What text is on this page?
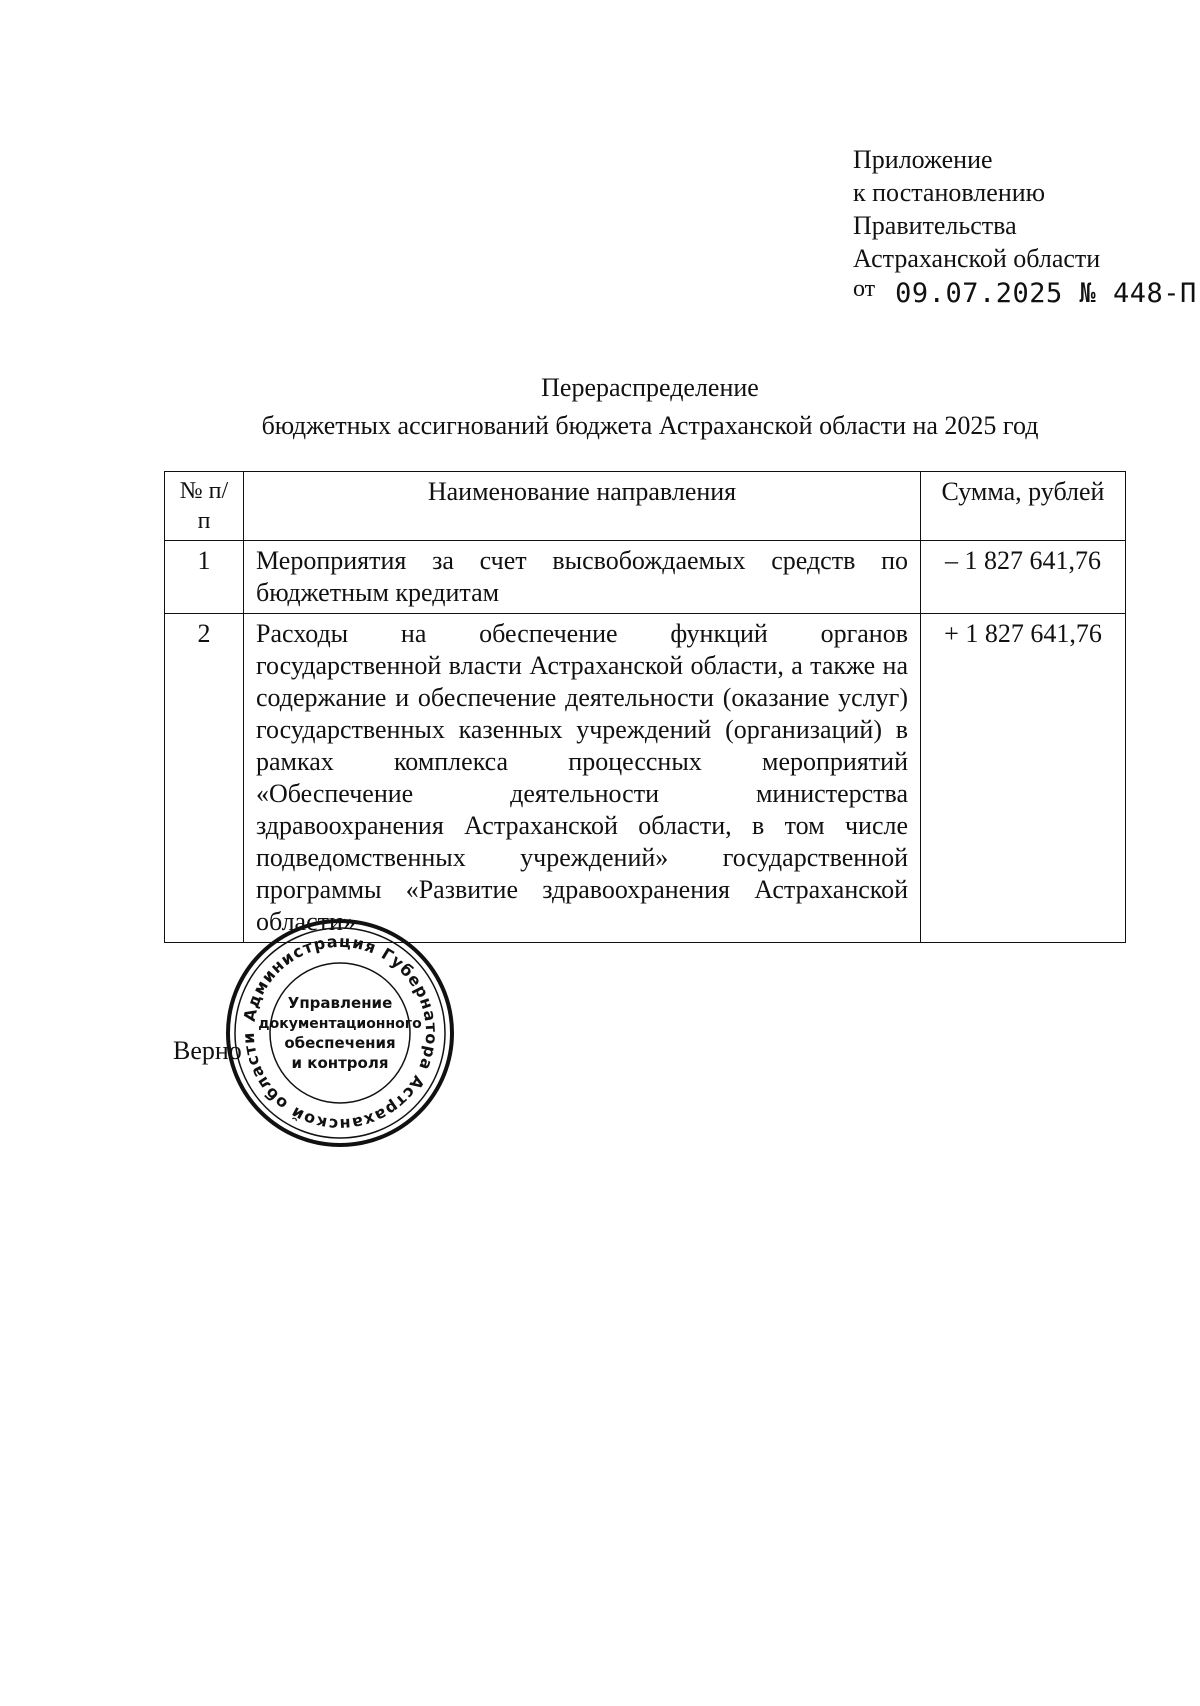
Приложение
к постановлению
Правительства
Астраханской области
от 09.07.2025 № 448-П
Перераспределение
бюджетных ассигнований бюджета Астраханской области на 2025 год
№ п/п	Наименование направления	Сумма, рублей
1	Мероприятия за счет высвобождаемых средств по бюджетным кредитам	– 1 827 641,76
2	Расходы на обеспечение функций органов государственной власти Астраханской области, а также на содержание и обеспечение деятельности (оказание услуг) государственных казенных учреждений (организаций) в рамках комплекса процессных мероприятий «Обеспечение деятельности министерства здравоохранения Астраханской области, в том числе подведомственных учреждений» государственной программы «Развитие здравоохранения Астраханской области»	+ 1 827 641,76
Верно
Администрация Губернатора Астраханской области
Управление
документационного
обеспечения
и контроля
